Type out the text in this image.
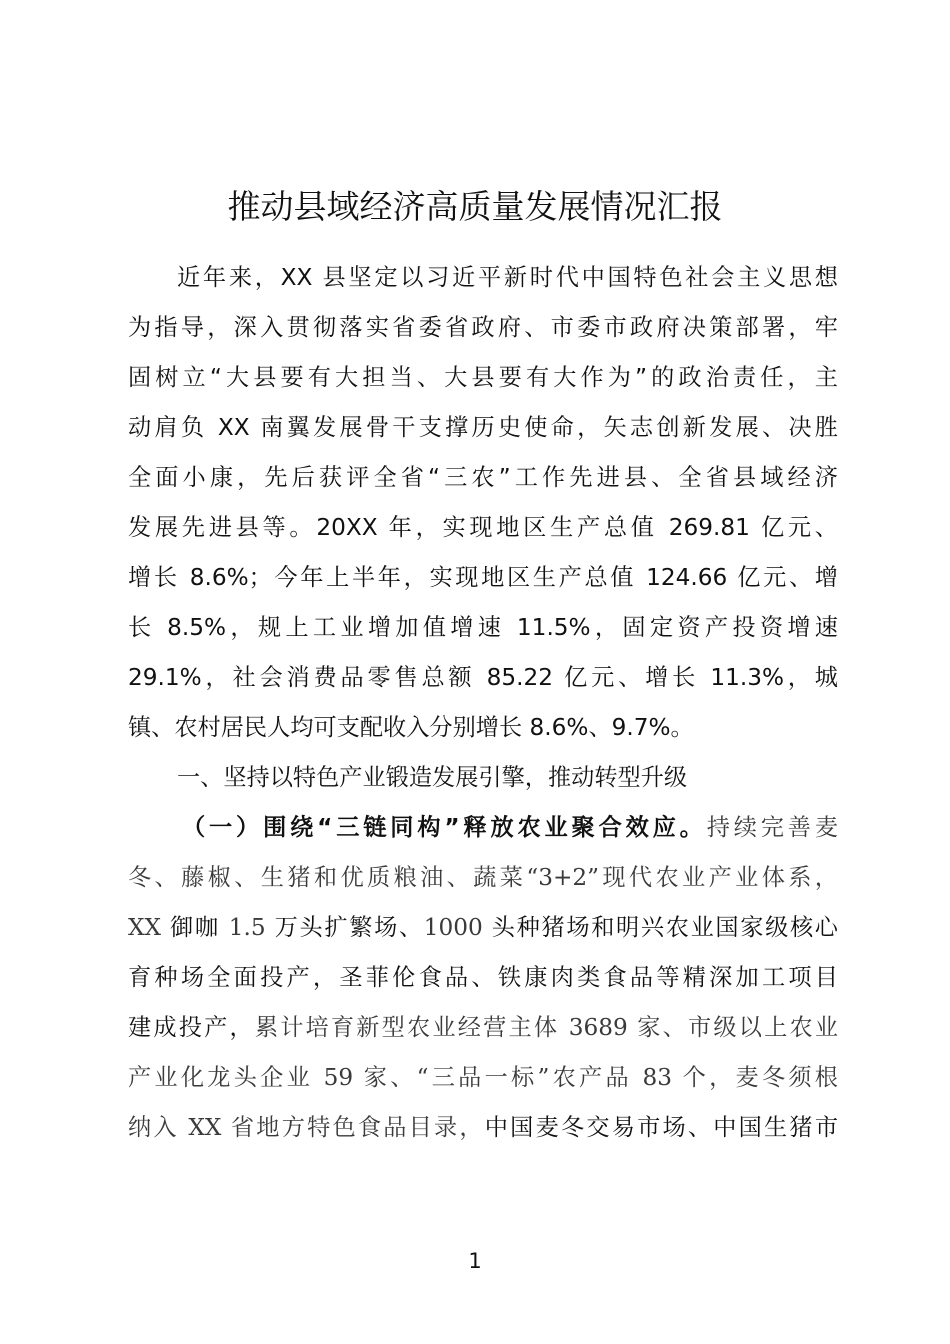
推动县域经济高质量发展情况汇报
近年来，XX 县坚定以习近平新时代中国特色社会主义思想
为指导，深入贯彻落实省委省政府、市委市政府决策部署，牢
固树立“大县要有大担当、大县要有大作为”的政治责任，主
动肩负 XX 南翼发展骨干支撑历史使命，矢志创新发展、决胜
全面小康，先后获评全省“三农”工作先进县、全省县域经济
发展先进县等。20XX 年，实现地区生产总值 269.81 亿元、
增长 8.6%；今年上半年，实现地区生产总值 124.66 亿元、增
长 8.5%，规上工业增加值增速 11.5%，固定资产投资增速
29.1%，社会消费品零售总额 85.22 亿元、增长 11.3%，城
镇、农村居民人均可支配收入分别增长 8.6%、9.7%。
一、坚持以特色产业锻造发展引擎，推动转型升级
（一）围绕“三链同构”释放农业聚合效应。持续完善麦
冬、藤椒、生猪和优质粮油、蔬菜“3+2”现代农业产业体系，
XX 御咖 1.5 万头扩繁场、1000 头种猪场和明兴农业国家级核心
育种场全面投产，圣菲伦食品、铁康肉类食品等精深加工项目
建成投产，累计培育新型农业经营主体 3689 家、市级以上农业
产业化龙头企业 59 家、“三品一标”农产品 83 个，麦冬须根
纳入 XX 省地方特色食品目录，中国麦冬交易市场、中国生猪市
1
